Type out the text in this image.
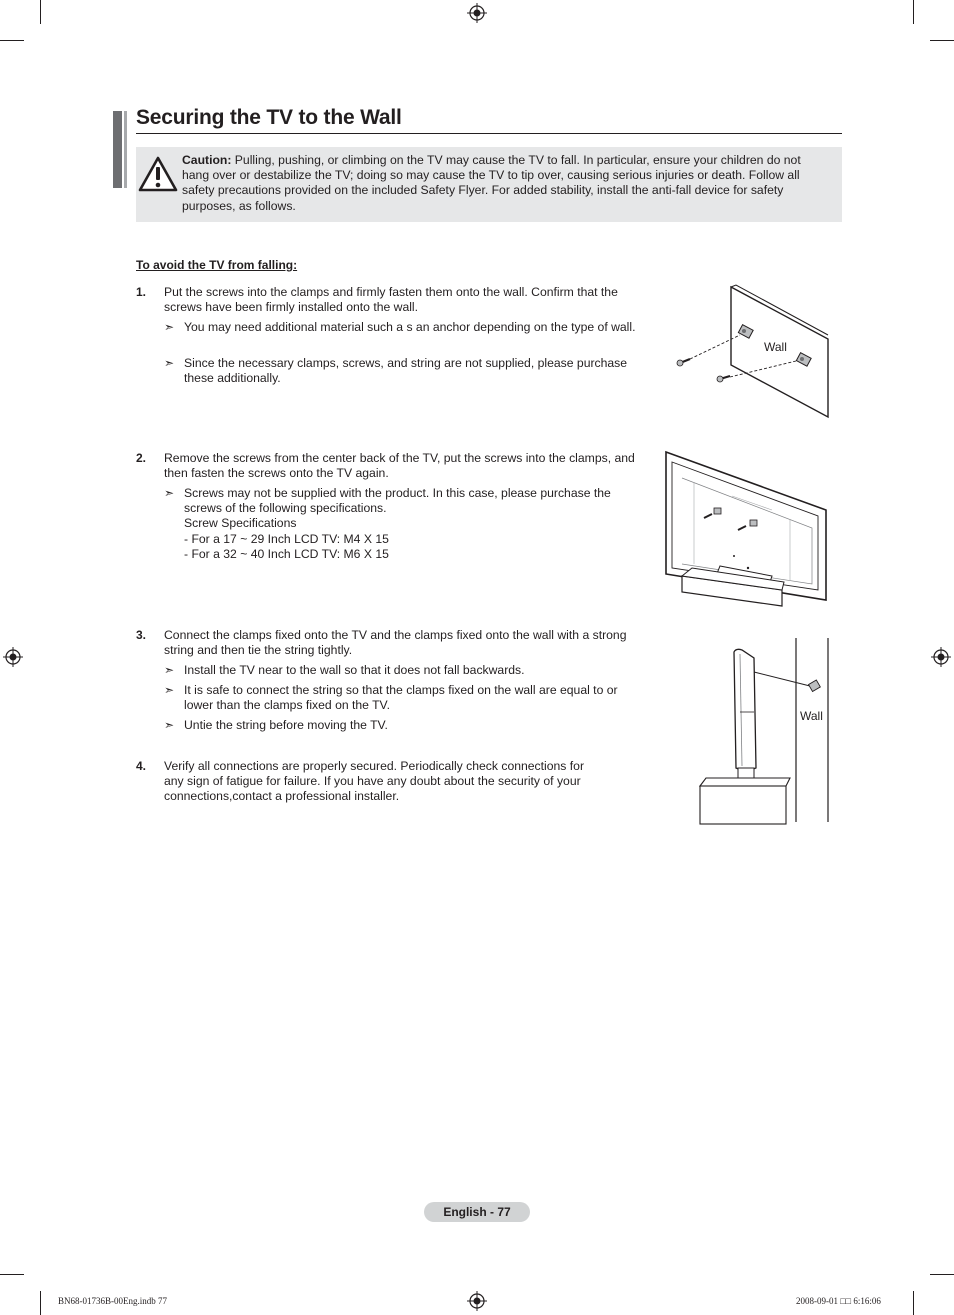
Securing the TV to the Wall
Caution: Pulling, pushing, or climbing on the TV may cause the TV to fall. In particular, ensure your children do not hang over or destabilize the TV; doing so may cause the TV to tip over, causing serious injuries or death. Follow all safety precautions provided on the included Safety Flyer. For added stability, install the anti-fall device for safety purposes, as follows.
To avoid the TV from falling:
1. Put the screws into the clamps and firmly fasten them onto the wall. Confirm that the screws have been firmly installed onto the wall.
➣ You may need additional material such a s an anchor depending on the type of wall.
➣ Since the necessary clamps, screws, and string are not supplied, please purchase these additionally.
Wall
2. Remove the screws from the center back of the TV, put the screws into the clamps, and then fasten the screws onto the TV again.
➣ Screws may not be supplied with the product. In this case, please purchase the screws of the following specifications.
Screw Specifications
- For a 17 ~ 29 Inch LCD TV: M4 X 15
- For a 32 ~ 40 Inch LCD TV: M6 X 15
3. Connect the clamps fixed onto the TV and the clamps fixed onto the wall with a strong string and then tie the string tightly.
➣ Install the TV near to the wall so that it does not fall backwards.
➣ It is safe to connect the string so that the clamps fixed on the wall are equal to or lower than the clamps fixed on the TV.
➣ Untie the string before moving the TV.
Wall
4. Verify all connections are properly secured. Periodically check connections for any sign of fatigue for failure. If you have any doubt about the security of your connections,contact a professional installer.
English - 77
BN68-01736B-00Eng.indb 77	2008-09-01 □□ 6:16:06
